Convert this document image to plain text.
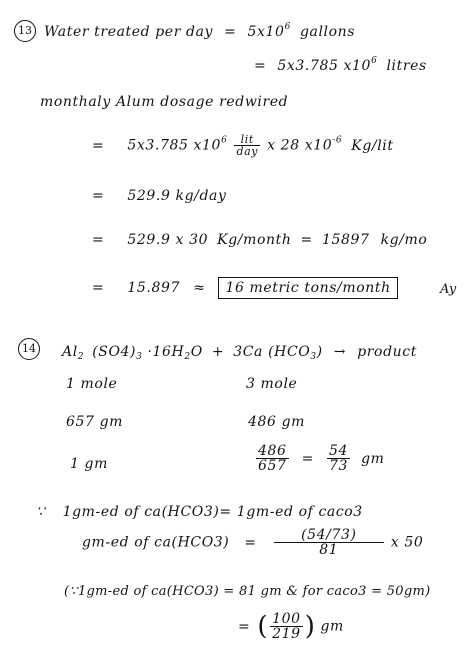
13 Water treated per day = $5x10^6$ gallons
= 5x3.785 $x10^6$ litres
monthaly Alum dosage redwired
= 5x3.785 $x10^6 \frac{\text{lit}}{\text{day}}$ x 28 $x10^{-6}$ Kg/lit
= 529.9 kg/day
= 529.9 x 30 Kg/month = 15897 kg/mo
= 15.897 ≈ 16 metric tons/month	Ay
14 $Al_2$ $(SO4)_3 \cdot 16H_2O + 3Ca$ $(HCO_3)$ → product
1 mole	3 mole
657 gm	486 gm
1 gm	$\frac{486}{657} = \frac{54}{73}$ gm
∵ 1gm-ed of ca(HCO3)= 1gm-ed of caco3
gm-ed of $ca(HCO3) = \frac{(54/73)}{81}$ x 50
(∵1gm-ed of ca(HCO3) = 81 gm & for caco3 = 50gm)
= ( $\frac{100}{219}$ ) gm
